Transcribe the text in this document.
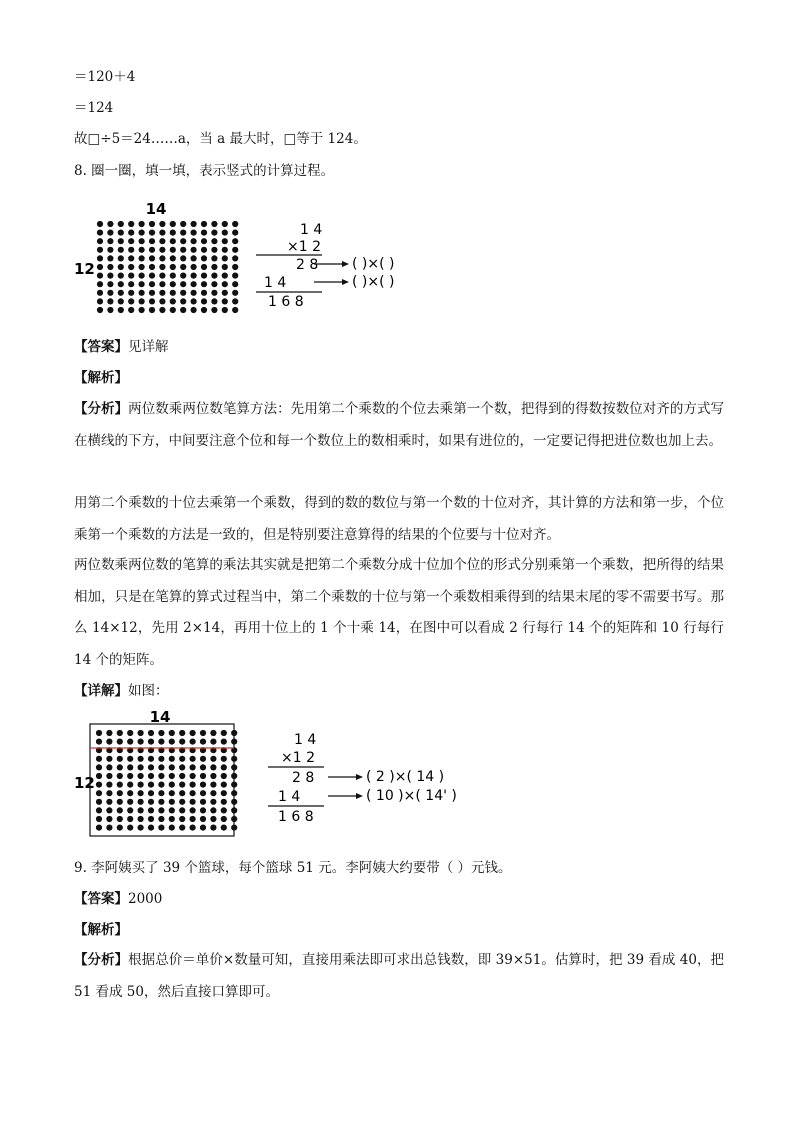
＝120＋4

＝124

故□÷5＝24……a，当 a 最大时，□等于 124。

8. 圈一圈，填一填，表示竖式的计算过程。

14
12
1 4
×1 2
2 8
1 4
1 6 8
( )×( )
( )×( )

【答案】见详解

【解析】

【分析】两位数乘两位数笔算方法：先用第二个乘数的个位去乘第一个数，把得到的得数按数位对齐的方式写在横线的下方，中间要注意个位和每一个数位上的数相乘时，如果有进位的，一定要记得把进位数也加上去。

用第二个乘数的十位去乘第一个乘数，得到的数的数位与第一个数的十位对齐，其计算的方法和第一步，个位乘第一个乘数的方法是一致的，但是特别要注意算得的结果的个位要与十位对齐。

两位数乘两位数的笔算的乘法其实就是把第二个乘数分成十位加个位的形式分别乘第一个乘数，把所得的结果相加，只是在笔算的算式过程当中，第二个乘数的十位与第一个乘数相乘得到的结果末尾的零不需要书写。那么 14×12，先用 2×14，再用十位上的 1 个十乘 14，在图中可以看成 2 行每行 14 个的矩阵和 10 行每行 14 个的矩阵。

【详解】如图：

14
12
1 4
×1 2
2 8
1 4
1 6 8
( 2 )×( 14 )
( 10 )×( 14' )

9. 李阿姨买了 39 个篮球，每个篮球 51 元。李阿姨大约要带（ ）元钱。

【答案】2000

【解析】

【分析】根据总价＝单价×数量可知，直接用乘法即可求出总钱数，即 39×51。估算时，把 39 看成 40，把 51 看成 50，然后直接口算即可。
